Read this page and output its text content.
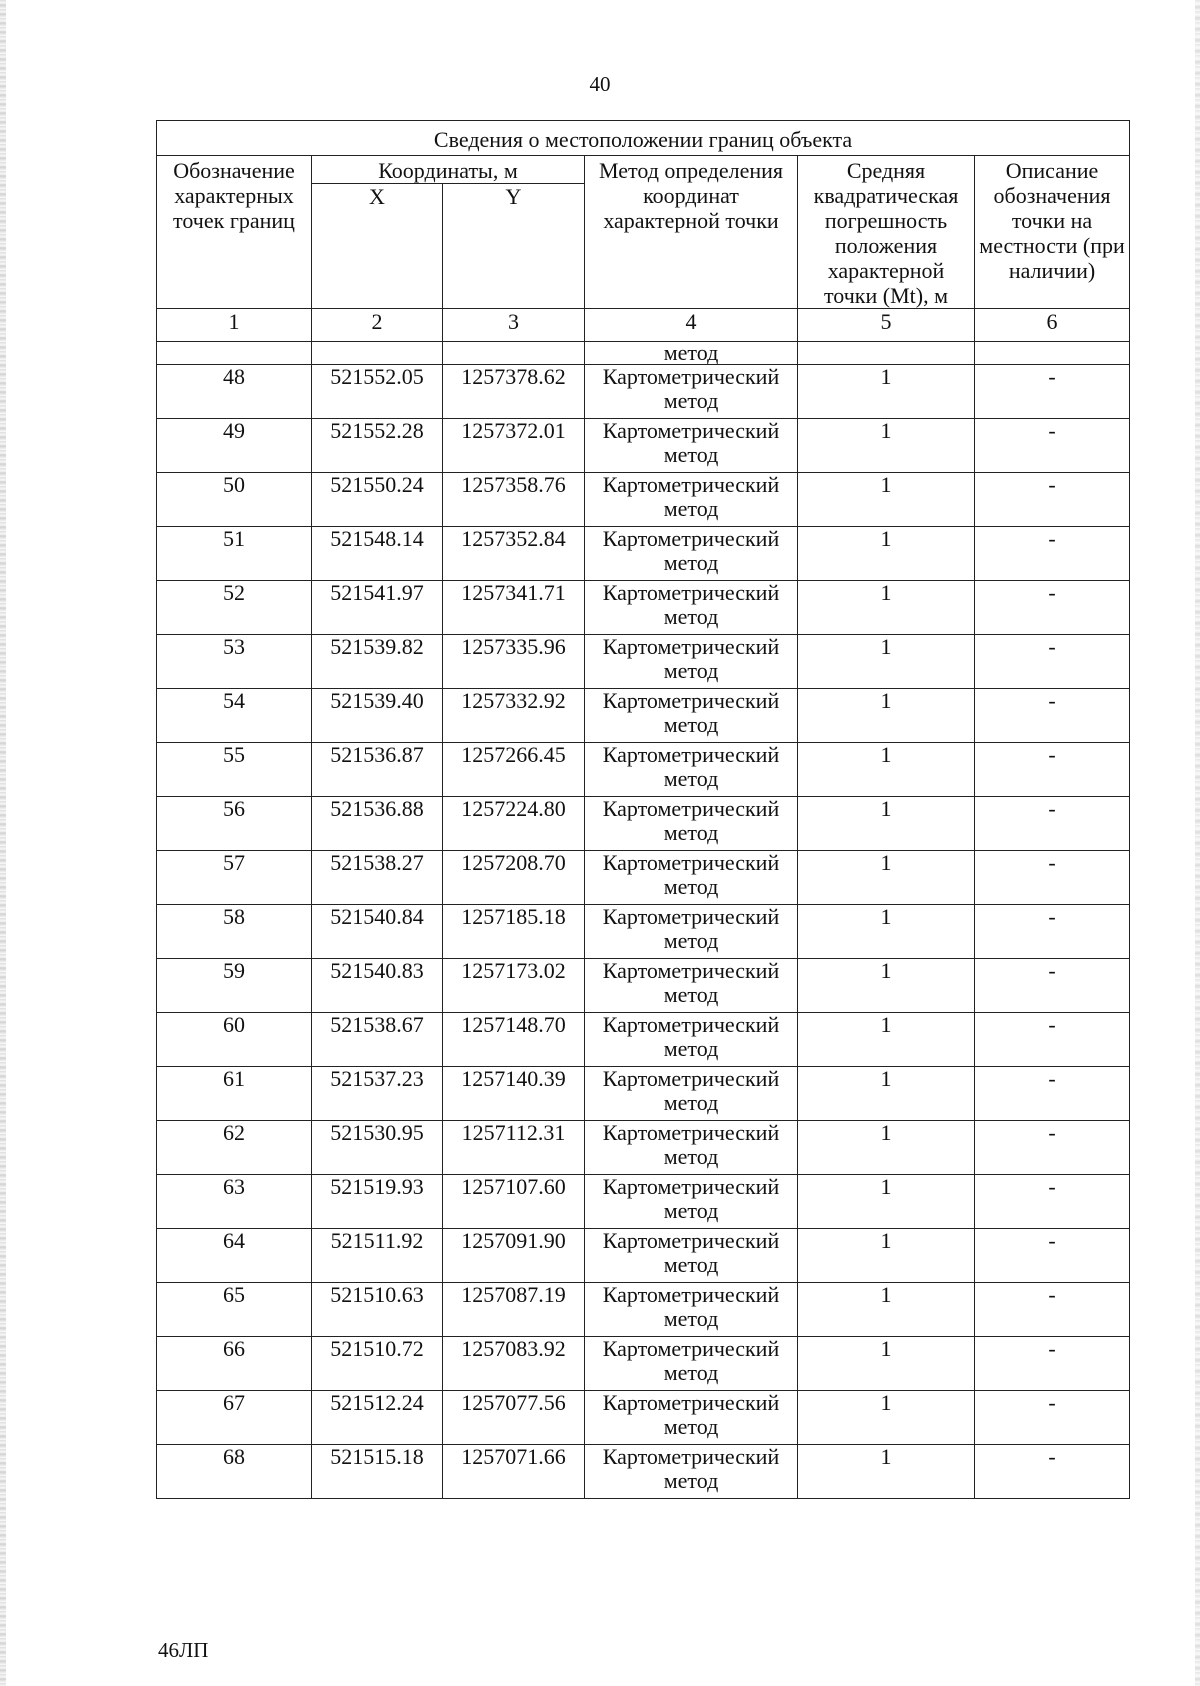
40
Сведения о местоположении границ объекта					
Обозначение характерных точек границ	Координаты, м		Метод определения координат характерной точки	Средняя квадратическая погрешность положения характерной точки (Mt), м	Описание обозначения точки на местности (при наличии)
	X	Y			
1	2	3	4	5	6
			метод		
48	521552.05	1257378.62	Картометрический метод	1	-
49	521552.28	1257372.01	Картометрический метод	1	-
50	521550.24	1257358.76	Картометрический метод	1	-
51	521548.14	1257352.84	Картометрический метод	1	-
52	521541.97	1257341.71	Картометрический метод	1	-
53	521539.82	1257335.96	Картометрический метод	1	-
54	521539.40	1257332.92	Картометрический метод	1	-
55	521536.87	1257266.45	Картометрический метод	1	-
56	521536.88	1257224.80	Картометрический метод	1	-
57	521538.27	1257208.70	Картометрический метод	1	-
58	521540.84	1257185.18	Картометрический метод	1	-
59	521540.83	1257173.02	Картометрический метод	1	-
60	521538.67	1257148.70	Картометрический метод	1	-
61	521537.23	1257140.39	Картометрический метод	1	-
62	521530.95	1257112.31	Картометрический метод	1	-
63	521519.93	1257107.60	Картометрический метод	1	-
64	521511.92	1257091.90	Картометрический метод	1	-
65	521510.63	1257087.19	Картометрический метод	1	-
66	521510.72	1257083.92	Картометрический метод	1	-
67	521512.24	1257077.56	Картометрический метод	1	-
68	521515.18	1257071.66	Картометрический метод	1	-
46ЛП
